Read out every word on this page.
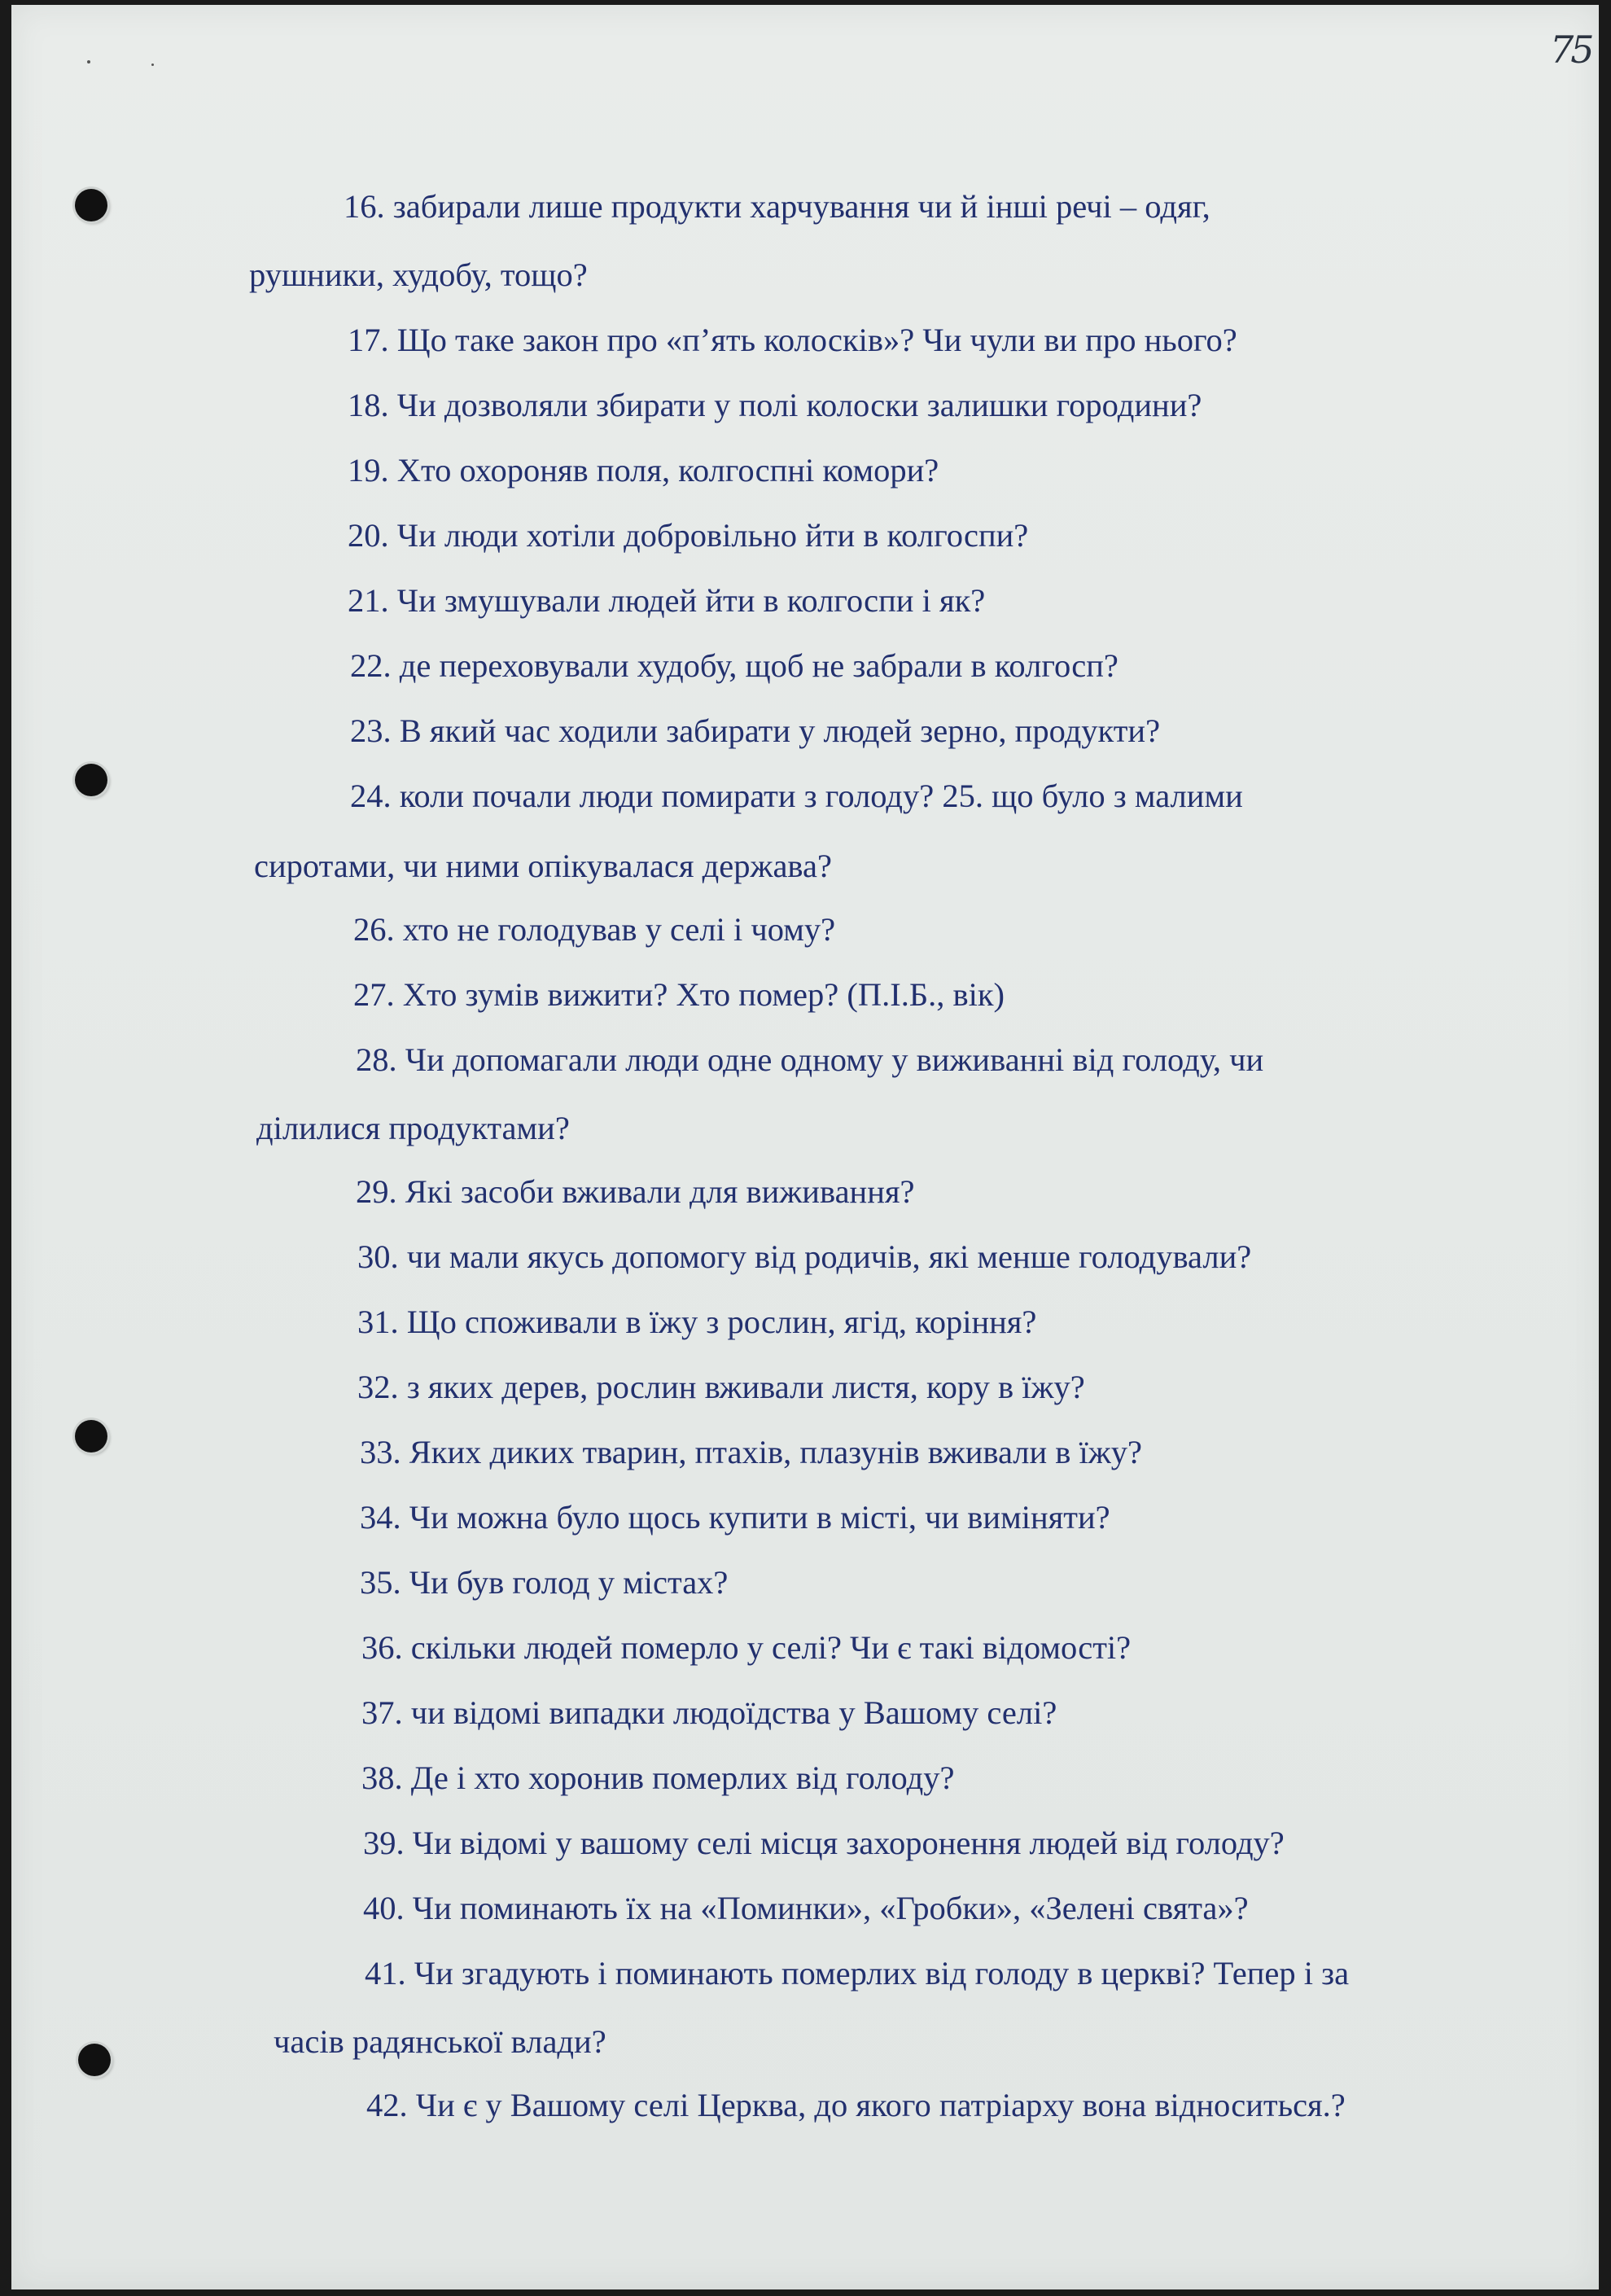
75
16. забирали лише продукти харчування чи й інші речі – одяг,
рушники, худобу, тощо?
17. Що таке закон про «п’ять колосків»? Чи чули ви про нього?
18. Чи дозволяли збирати у полі колоски залишки городини?
19. Хто охороняв поля, колгоспні комори?
20. Чи люди хотіли добровільно йти в колгоспи?
21. Чи змушували людей йти в колгоспи і як?
22. де переховували худобу, щоб не забрали в колгосп?
23. В який час ходили забирати у людей зерно, продукти?
24. коли почали люди помирати з голоду? 25. що було з малими
сиротами, чи ними опікувалася держава?
26. хто не голодував у селі і чому?
27. Хто зумів вижити? Хто помер? (П.І.Б., вік)
28. Чи допомагали люди одне одному у виживанні від голоду, чи
ділилися продуктами?
29. Які засоби вживали для виживання?
30. чи мали якусь допомогу від родичів, які менше голодували?
31. Що споживали в їжу з рослин, ягід, коріння?
32. з яких дерев, рослин вживали листя, кору в їжу?
33. Яких диких тварин, птахів, плазунів вживали в їжу?
34. Чи можна було щось купити в місті, чи виміняти?
35. Чи був голод у містах?
36. скільки людей померло у селі? Чи є такі відомості?
37. чи відомі випадки людоїдства у Вашому селі?
38. Де і хто хоронив померлих від голоду?
39. Чи відомі у вашому селі місця захоронення людей від голоду?
40. Чи поминають їх на «Поминки», «Гробки», «Зелені свята»?
41. Чи згадують і поминають померлих від голоду в церкві? Тепер і за
часів радянської влади?
42. Чи є у Вашому селі Церква, до якого патріарху вона відноситься.?
